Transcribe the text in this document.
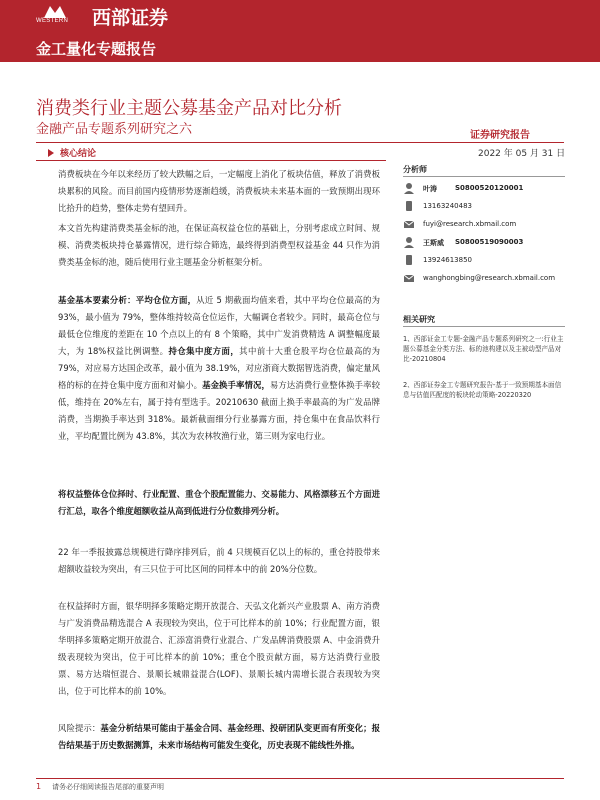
WESTERN 西部证券
金工量化专题报告
消费类行业主题公募基金产品对比分析
金融产品专题系列研究之六	证券研究报告
2022 年 05 月 31 日
核心结论

消费板块在今年以来经历了较大跌幅之后，一定幅度上消化了板块估值，释放了消费板块累积的风险。而目前国内疫情形势逐渐趋缓，消费板块未来基本面的一致预期出现环比拾升的趋势，整体走势有望回升。

本文首先构建消费类基金标的池，在保证高权益仓位的基础上，分别考虑成立时间、规模、消费类板块持仓暴露情况，进行综合筛选，最终得到消费型权益基金 44 只作为消费类基金标的池，随后使用行业主题基金分析框架分析。

基金基本要素分析：平均仓位方面，从近 5 期截面均值来看，其中平均仓位最高的为 93%，最小值为 79%，整体维持较高仓位运作，大幅调仓者较少。同时，最高仓位与最低仓位维度的差距在 10 个点以上的有 8 个策略，其中广发消费精选 A 调整幅度最大，为 18%权益比例调整。持仓集中度方面，其中前十大重仓股平均仓位最高的为 79%，对应易方达国企改革，最小值为 38.19%，对应浙商大数据智选消费，偏定量风格的标的在持仓集中度方面和对偏小。基金换手率情况，易方达消费行业整体换手率较低，维持在 20%左右，属于持有型选手。20210630 截面上换手率最高的为广发品牌消费，当期换手率达到 318%。最新截面细分行业暴露方面，持仓集中在食品饮料行业，平均配置比例为 43.8%，其次为农林牧渔行业，第三则为家电行业。

将权益整体仓位择时、行业配置、重仓个股配置能力、交易能力、风格漂移五个方面进行汇总，取各个维度超额收益从高到低进行分位数排列分析。

22 年一季报披露总规模进行降序排列后，前 4 只规模百亿以上的标的，重仓持股带来超额收益较为突出，有三只位于可比区间的同样本中的前 20%分位数。

在权益择时方面，银华明择多策略定期开放混合、天弘文化新兴产业股票 A、南方消费与广发消费品精选混合 A 表现较为突出，位于可比样本的前 10%；行业配置方面，银华明择多策略定期开放混合、汇添富消费行业混合、广发品牌消费股票 A、中金消费升级表现较为突出，位于可比样本的前 10%；重仓个股贡献方面，易方达消费行业股票、易方达瑞恒混合、景顺长城鼎益混合(LOF)、景顺长城内需增长混合表现较为突出，位于可比样本的前 10%。

风险提示：基金分析结果可能由于基金合同、基金经理、投研团队变更而有所变化；报告结果基于历史数据测算，未来市场结构可能发生变化，历史表现不能线性外推。

分析师
叶涛	S0800520120001
13163240483
fuyi@research.xbmail.com
王斯威 S0800519090003
13924613850
wanghongbing@research.xbmail.com
相关研究
1、西部证金工专题-金融产品专题系列研究之一:行业主题公募基金分类方法、标的池构建以及主被动型产品对比-20210804
2、西部证券金工专题研究报告-基于一致预期基本面信息与估值匹配度的板块轮动策略-20220320
1 请务必仔细阅读报告尾部的重要声明
